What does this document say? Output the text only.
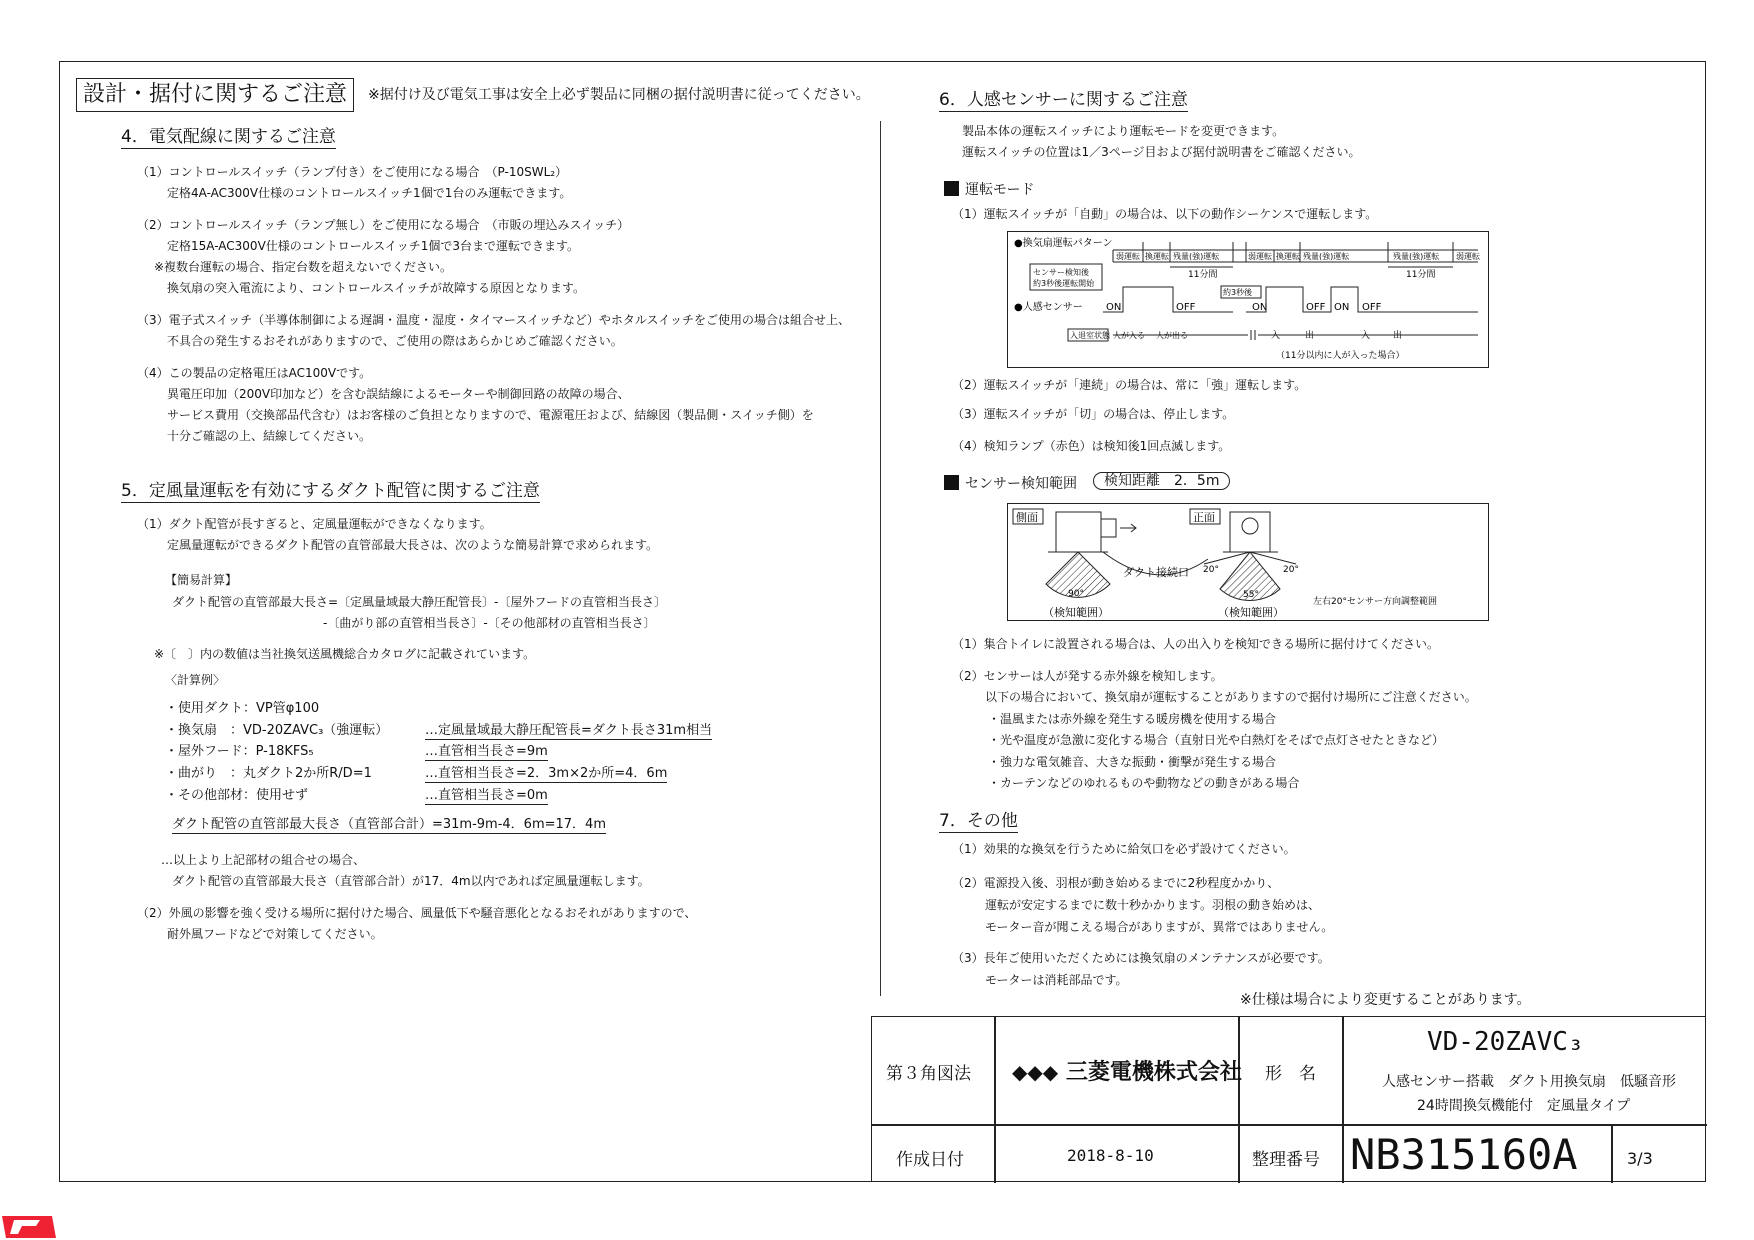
設計・据付に関するご注意	※据付け及び電気工事は安全上必ず製品に同梱の据付説明書に従ってください。
4．電気配線に関するご注意
（1）コントロールスイッチ（ランプ付き）をご使用になる場合　（P-10SWL₂）
定格4A-AC300V仕様のコントロールスイッチ1個で1台のみ運転できます。
（2）コントロールスイッチ（ランプ無し）をご使用になる場合　（市販の埋込みスイッチ）
定格15A-AC300V仕様のコントロールスイッチ1個で3台まで運転できます。
※複数台運転の場合、指定台数を超えないでください。
換気扇の突入電流により、コントロールスイッチが故障する原因となります。
（3）電子式スイッチ（半導体制御による遅調・温度・湿度・タイマースイッチなど）やホタルスイッチをご使用の場合は組合せ上、
不具合の発生するおそれがありますので、ご使用の際はあらかじめご確認ください。
（4）この製品の定格電圧はAC100Vです。
異電圧印加（200V印加など）を含む誤結線によるモーターや制御回路の故障の場合、
サービス費用（交換部品代含む）はお客様のご負担となりますので、電源電圧および、結線図（製品側・スイッチ側）を
十分ご確認の上、結線してください。
5．定風量運転を有効にするダクト配管に関するご注意
（1）ダクト配管が長すぎると、定風量運転ができなくなります。
定風量運転ができるダクト配管の直管部最大長さは、次のような簡易計算で求められます。
【簡易計算】
ダクト配管の直管部最大長さ=〔定風量域最大静圧配管長〕-〔屋外フードの直管相当長さ〕
-〔曲がり部の直管相当長さ〕-〔その他部材の直管相当長さ〕
※〔　〕内の数値は当社換気送風機総合カタログに記載されています。
〈計算例〉
・使用ダクト：VP管φ100
・換気扇　：VD-20ZAVC₃（強運転）	…定風量域最大静圧配管長=ダクト長さ31m相当
・屋外フード：P-18KFS₅	…直管相当長さ=9m
・曲がり　：丸ダクト2か所R/D=1	…直管相当長さ=2．3m×2か所=4．6m
・その他部材：使用せず	…直管相当長さ=0m
ダクト配管の直管部最大長さ（直管部合計）=31m-9m-4．6m=17．4m
…以上より上記部材の組合せの場合、
ダクト配管の直管部最大長さ（直管部合計）が17．4m以内であれば定風量運転します。
（2）外風の影響を強く受ける場所に据付けた場合、風量低下や騒音悪化となるおそれがありますので、
耐外風フードなどで対策してください。
6．人感センサーに関するご注意
製品本体の運転スイッチにより運転モードを変更できます。
運転スイッチの位置は1／3ページ目および据付説明書をご確認ください。
運転モード
（1）運転スイッチが「自動」の場合は、以下の動作シーケンスで運転します。
●換気扇運転パターン
弱運転 換運転 残量(強)運転	弱運転 換運転 残量(強)運転	残量(強)運転 弱運転
11分間	11分間
センサー検知後
約3秒後運転開始
約3秒後
●人感センサー ON	OFF	ON	OFF ON OFF
入退室状態 人が入る 人が出る	入	出	入	出
（11分以内に人が入った場合）
（2）運転スイッチが「連続」の場合は、常に「強」運転します。
（3）運転スイッチが「切」の場合は、停止します。
（4）検知ランプ（赤色）は検知後1回点滅します。
センサー検知範囲	検知距離　2．5m
側面	正面
ダクト接続口
90°	55°
20°	20°
（検知範囲）	（検知範囲）
左右20°センサー方向調整範囲
（1）集合トイレに設置される場合は、人の出入りを検知できる場所に据付けてください。
（2）センサーは人が発する赤外線を検知します。
以下の場合において、換気扇が運転することがありますので据付け場所にご注意ください。
・温風または赤外線を発生する暖房機を使用する場合
・光や温度が急激に変化する場合（直射日光や白熱灯をそばで点灯させたときなど）
・強力な電気雑音、大きな振動・衝撃が発生する場合
・カーテンなどのゆれるものや動物などの動きがある場合
7．その他
（1）効果的な換気を行うために給気口を必ず設けてください。
（2）電源投入後、羽根が動き始めるまでに2秒程度かかり、
運転が安定するまでに数十秒かかります。羽根の動き始めは、
モーター音が聞こえる場合がありますが、異常ではありません。
（3）長年ご使用いただくためには換気扇のメンテナンスが必要です。
モーターは消耗部品です。
※仕様は場合により変更することがあります。
第３角図法 ◆◆◆ 三菱電機株式会社 形　名
VD-20ZAVC₃
人感センサー搭載　ダクト用換気扇　低騒音形
24時間換気機能付　定風量タイプ
作成日付	2018-8-10	整理番号 NB315160A	3/3
